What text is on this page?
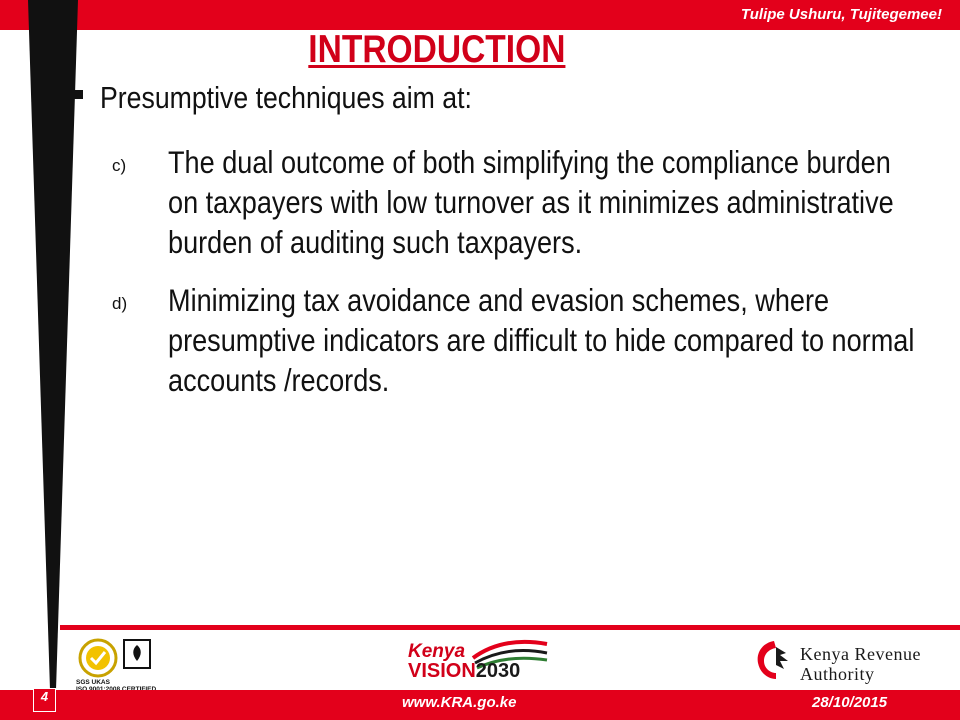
Tulipe Ushuru, Tujitegemee!
INTRODUCTION
Presumptive techniques aim at:
c) The dual outcome of both simplifying the compliance burden on taxpayers with low turnover as it minimizes administrative burden of auditing such taxpayers.
d) Minimizing tax avoidance and evasion schemes, where presumptive indicators are difficult to hide compared to normal accounts /records.
SGS UKAS

Kenya
VISION2030
Kenya Revenue
Authority
4	www.KRA.go.ke	28/10/2015
